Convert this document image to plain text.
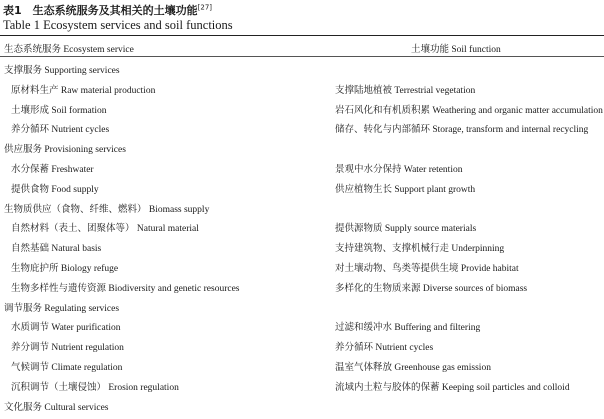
表1　生态系统服务及其相关的土壤功能[27]
Table 1 Ecosystem services and soil functions
生态系统服务 Ecosystem service	土壤功能 Soil function
支撑服务 Supporting services
原材料生产 Raw material production	支撑陆地植被 Terrestrial vegetation
土壤形成 Soil formation	岩石风化和有机质积累 Weathering and organic matter accumulation
养分循环 Nutrient cycles	储存、转化与内部循环 Storage, transform and internal recycling
供应服务 Provisioning services
水分保蓄 Freshwater	景观中水分保持 Water retention
提供食物 Food supply	供应植物生长 Support plant growth
生物质供应（食物、纤维、燃料） Biomass supply
自然材料（表土、团聚体等） Natural material	提供源物质 Supply source materials
自然基础 Natural basis	支持建筑物、支撑机械行走 Underpinning
生物庇护所 Biology refuge	对土壤动物、鸟类等提供生境 Provide habitat
生物多样性与遗传资源 Biodiversity and genetic resources	多样化的生物质来源 Diverse sources of biomass
调节服务 Regulating services
水质调节 Water purification	过滤和缓冲水 Buffering and filtering
养分调节 Nutrient regulation	养分循环 Nutrient cycles
气候调节 Climate regulation	温室气体释放 Greenhouse gas emission
沉积调节（土壤侵蚀） Erosion regulation	流域内土粒与胶体的保蓄 Keeping soil particles and colloid
文化服务 Cultural services
